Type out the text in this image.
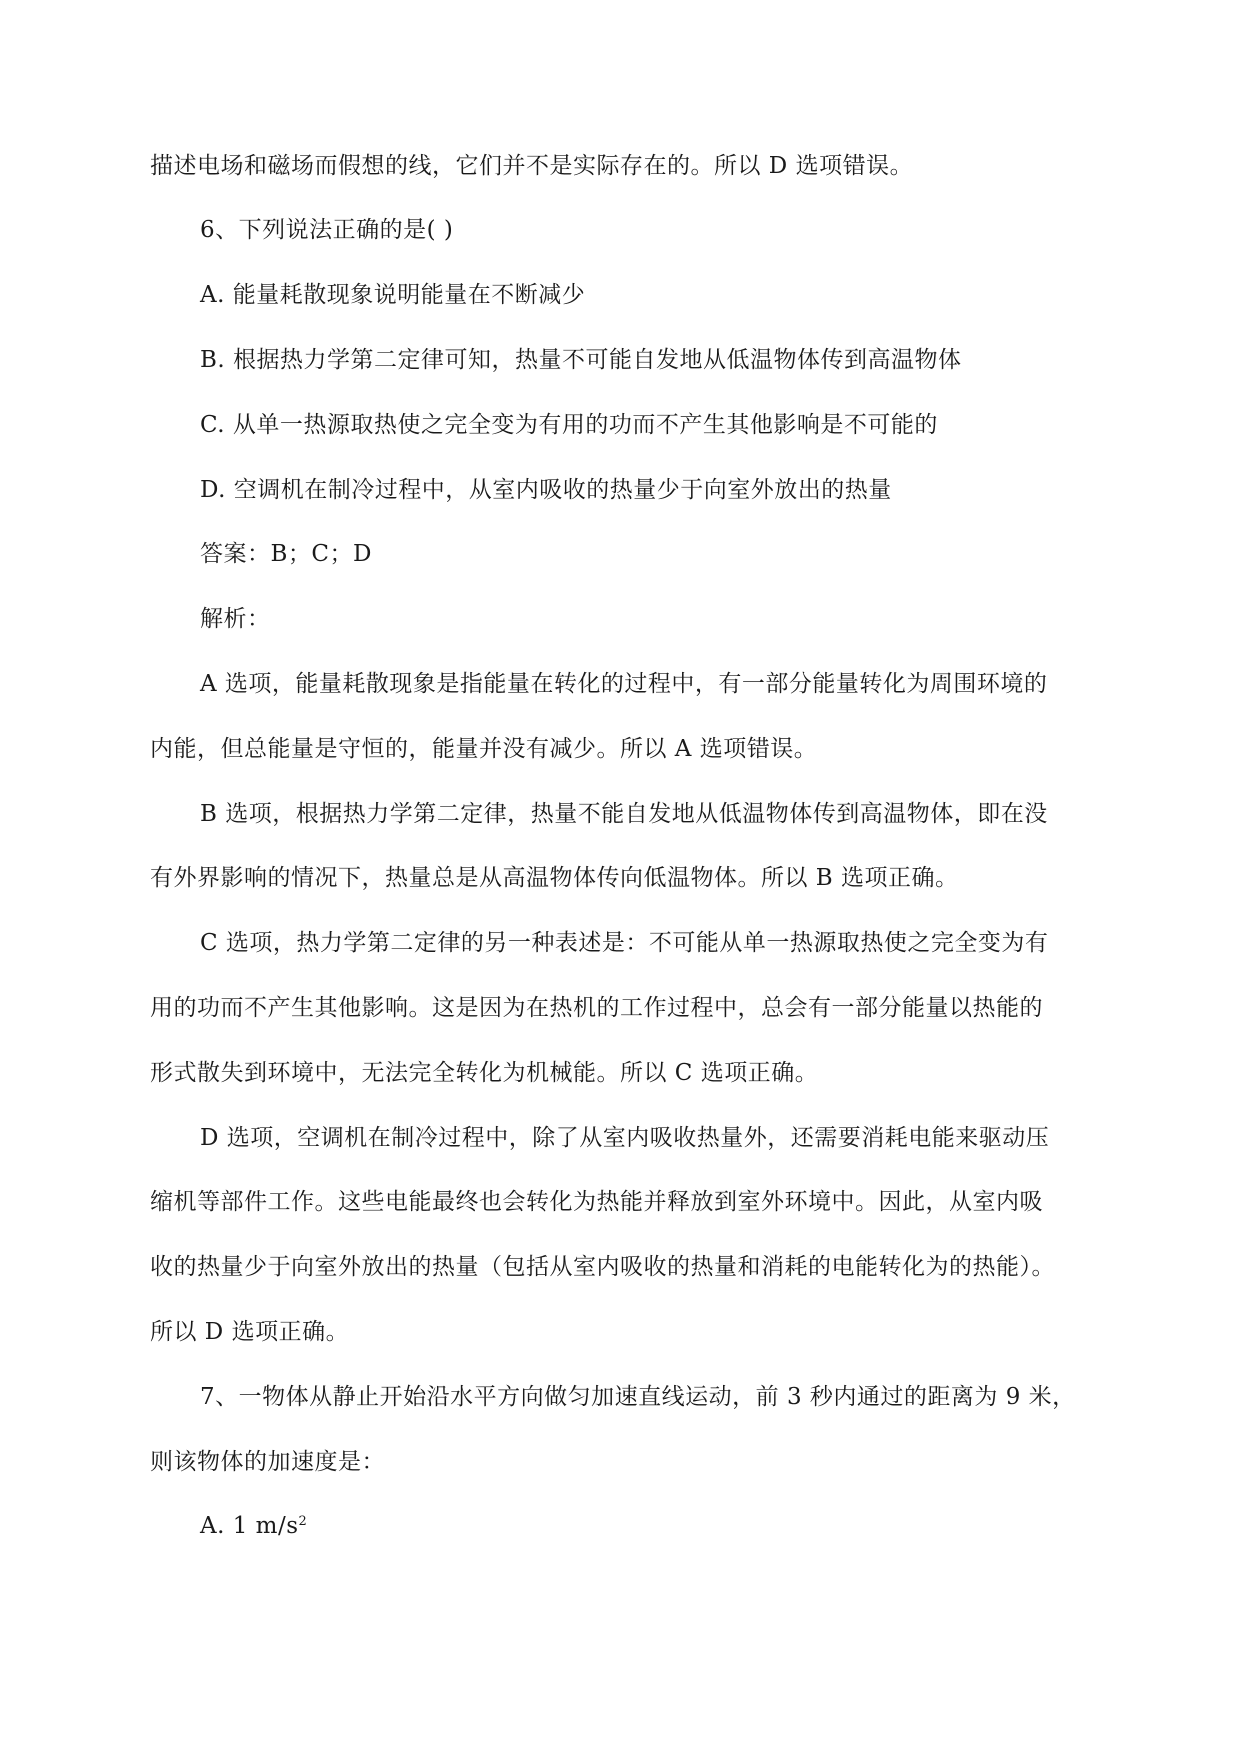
描述电场和磁场而假想的线，它们并不是实际存在的。所以 D 选项错误。

6、下列说法正确的是( )

A. 能量耗散现象说明能量在不断减少

B. 根据热力学第二定律可知，热量不可能自发地从低温物体传到高温物体

C. 从单一热源取热使之完全变为有用的功而不产生其他影响是不可能的

D. 空调机在制冷过程中，从室内吸收的热量少于向室外放出的热量

答案：B；C；D

解析：

A 选项，能量耗散现象是指能量在转化的过程中，有一部分能量转化为周围环境的

内能，但总能量是守恒的，能量并没有减少。所以 A 选项错误。

B 选项，根据热力学第二定律，热量不能自发地从低温物体传到高温物体，即在没

有外界影响的情况下，热量总是从高温物体传向低温物体。所以 B 选项正确。

C 选项，热力学第二定律的另一种表述是：不可能从单一热源取热使之完全变为有

用的功而不产生其他影响。这是因为在热机的工作过程中，总会有一部分能量以热能的

形式散失到环境中，无法完全转化为机械能。所以 C 选项正确。

D 选项，空调机在制冷过程中，除了从室内吸收热量外，还需要消耗电能来驱动压

缩机等部件工作。这些电能最终也会转化为热能并释放到室外环境中。因此，从室内吸

收的热量少于向室外放出的热量（包括从室内吸收的热量和消耗的电能转化为的热能）。

所以 D 选项正确。

7、一物体从静止开始沿水平方向做匀加速直线运动，前 3 秒内通过的距离为 9 米，

则该物体的加速度是：

A. 1 $m/s^2$
